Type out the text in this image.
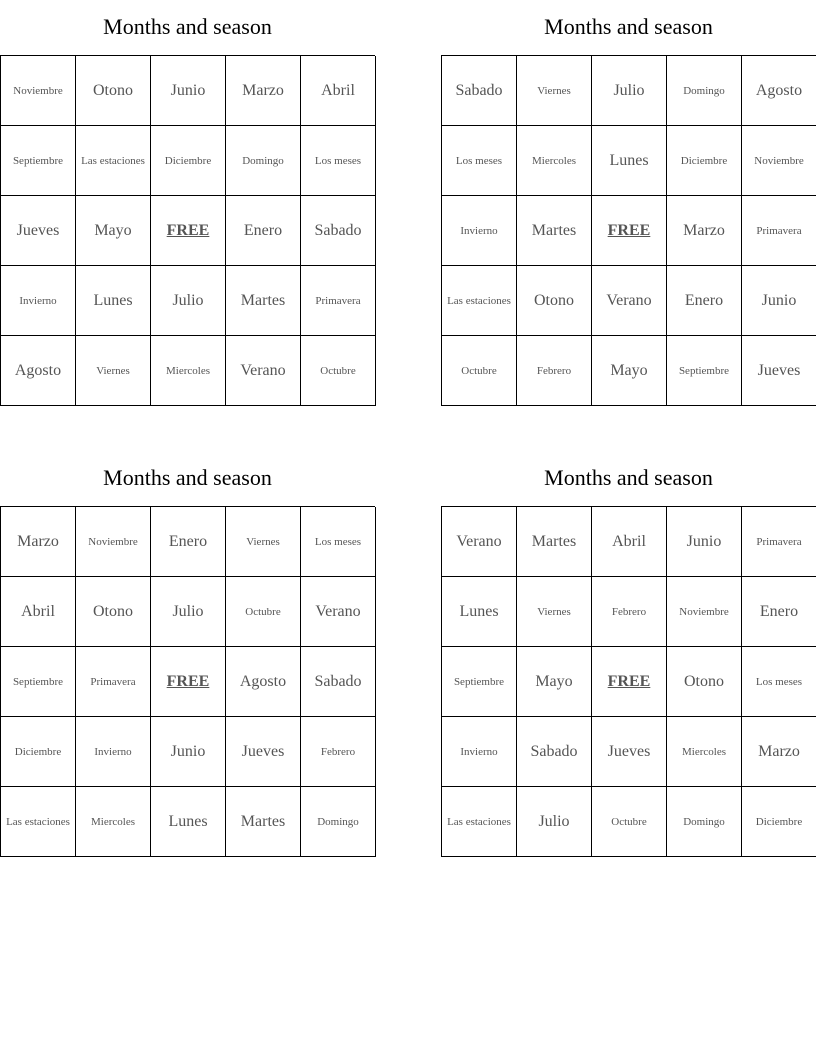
Months and season
Noviembre	Otono	Junio	Marzo	Abril
Septiembre	Las estaciones	Diciembre	Domingo	Los meses
Jueves	Mayo	FREE	Enero	Sabado
Invierno	Lunes	Julio	Martes	Primavera
Agosto	Viernes	Miercoles	Verano	Octubre
Months and season
Sabado	Viernes	Julio	Domingo	Agosto
Los meses	Miercoles	Lunes	Diciembre	Noviembre
Invierno	Martes	FREE	Marzo	Primavera
Las estaciones	Otono	Verano	Enero	Junio
Octubre	Febrero	Mayo	Septiembre	Jueves
Months and season
Marzo	Noviembre	Enero	Viernes	Los meses
Abril	Otono	Julio	Octubre	Verano
Septiembre	Primavera	FREE	Agosto	Sabado
Diciembre	Invierno	Junio	Jueves	Febrero
Las estaciones	Miercoles	Lunes	Martes	Domingo
Months and season
Verano	Martes	Abril	Junio	Primavera
Lunes	Viernes	Febrero	Noviembre	Enero
Septiembre	Mayo	FREE	Otono	Los meses
Invierno	Sabado	Jueves	Miercoles	Marzo
Las estaciones	Julio	Octubre	Domingo	Diciembre
